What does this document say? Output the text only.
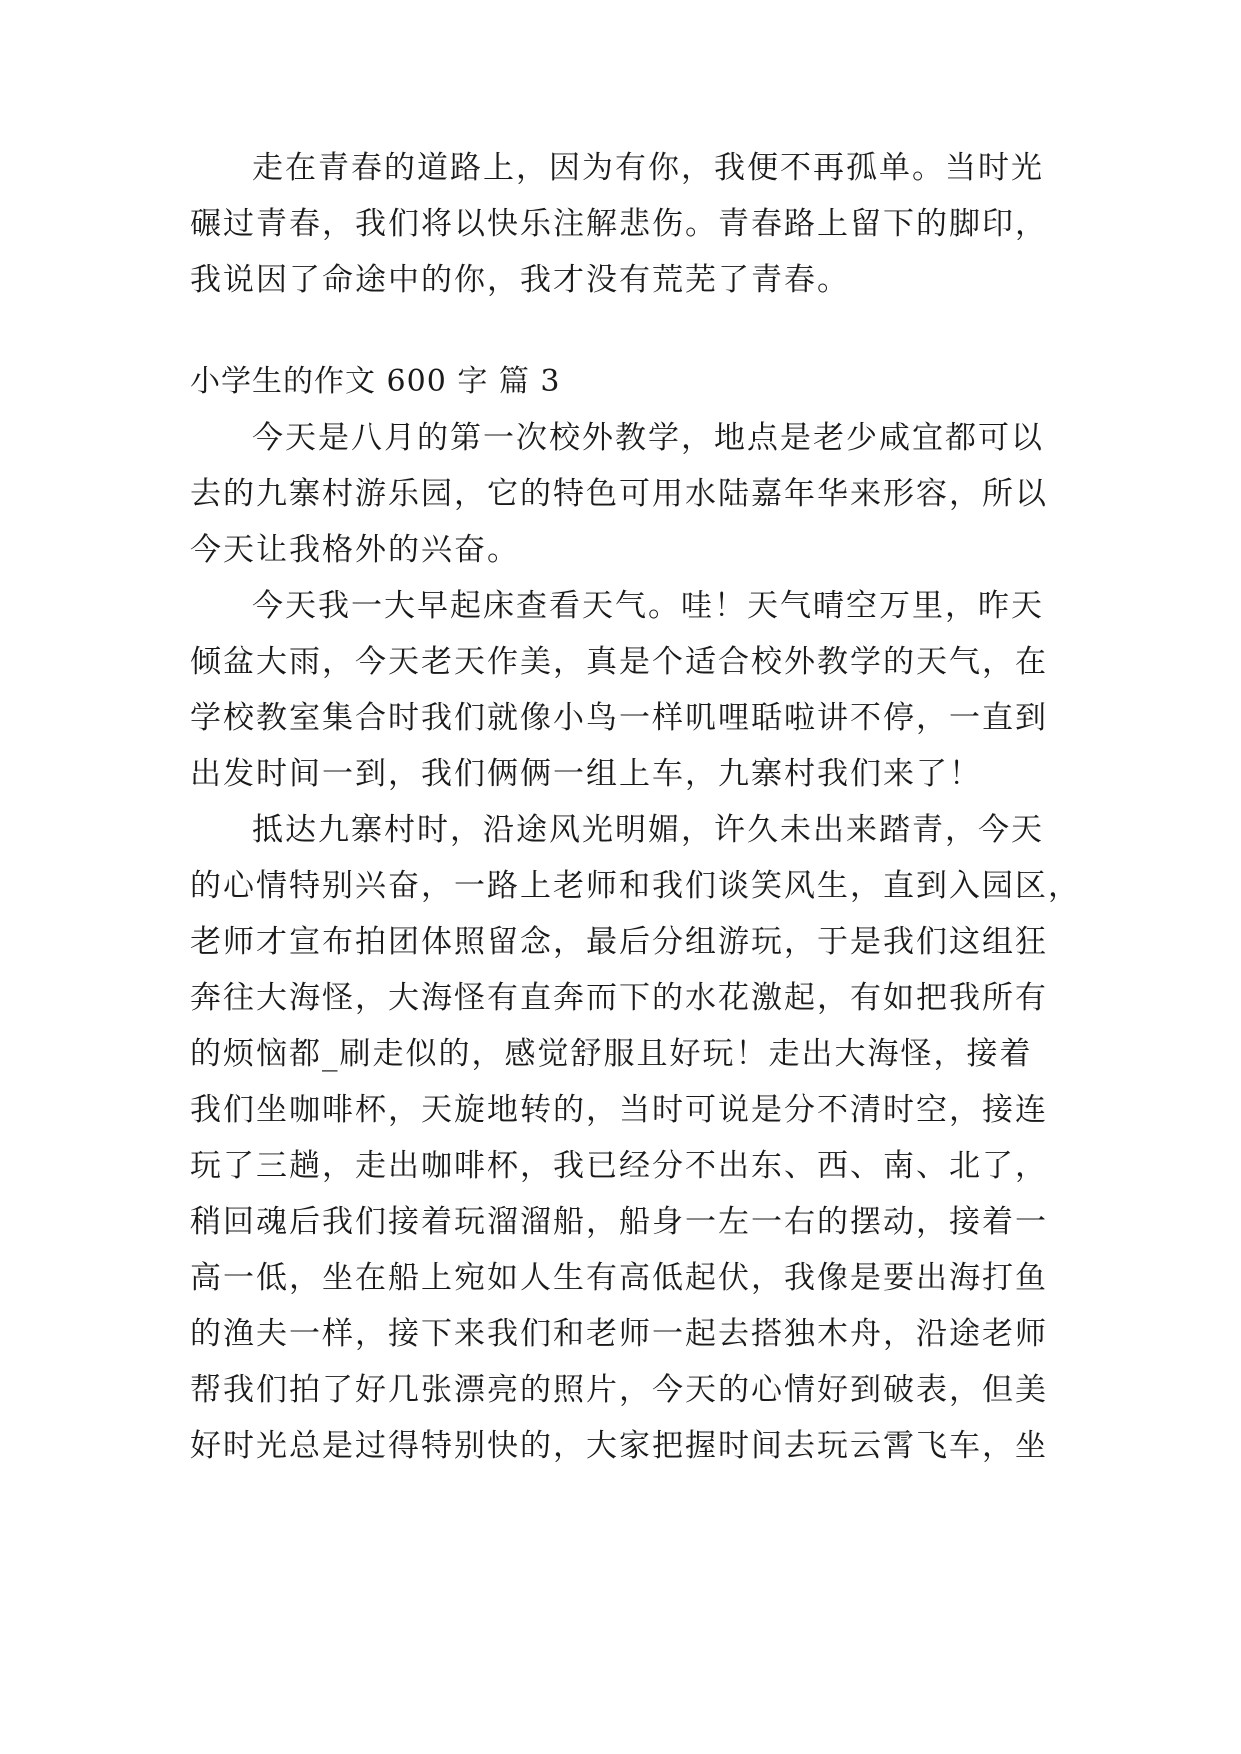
走在青春的道路上，因为有你，我便不再孤单。当时光
碾过青春，我们将以快乐注解悲伤。青春路上留下的脚印，
我说因了命途中的你，我才没有荒芜了青春。
小学生的作文 600 字 篇 3
今天是八月的第一次校外教学，地点是老少咸宜都可以
去的九寨村游乐园，它的特色可用水陆嘉年华来形容，所以
今天让我格外的兴奋。
今天我一大早起床查看天气。哇！天气晴空万里，昨天
倾盆大雨，今天老天作美，真是个适合校外教学的天气，在
学校教室集合时我们就像小鸟一样叽哩聒啦讲不停，一直到
出发时间一到，我们俩俩一组上车，九寨村我们来了！
抵达九寨村时，沿途风光明媚，许久未出来踏青，今天
的心情特别兴奋，一路上老师和我们谈笑风生，直到入园区，
老师才宣布拍团体照留念，最后分组游玩，于是我们这组狂
奔往大海怪，大海怪有直奔而下的水花激起，有如把我所有
的烦恼都_刷走似的，感觉舒服且好玩！走出大海怪，接着
我们坐咖啡杯，天旋地转的，当时可说是分不清时空，接连
玩了三趟，走出咖啡杯，我已经分不出东、西、南、北了，
稍回魂后我们接着玩溜溜船，船身一左一右的摆动，接着一
高一低，坐在船上宛如人生有高低起伏，我像是要出海打鱼
的渔夫一样，接下来我们和老师一起去搭独木舟，沿途老师
帮我们拍了好几张漂亮的照片，今天的心情好到破表，但美
好时光总是过得特别快的，大家把握时间去玩云霄飞车，坐
